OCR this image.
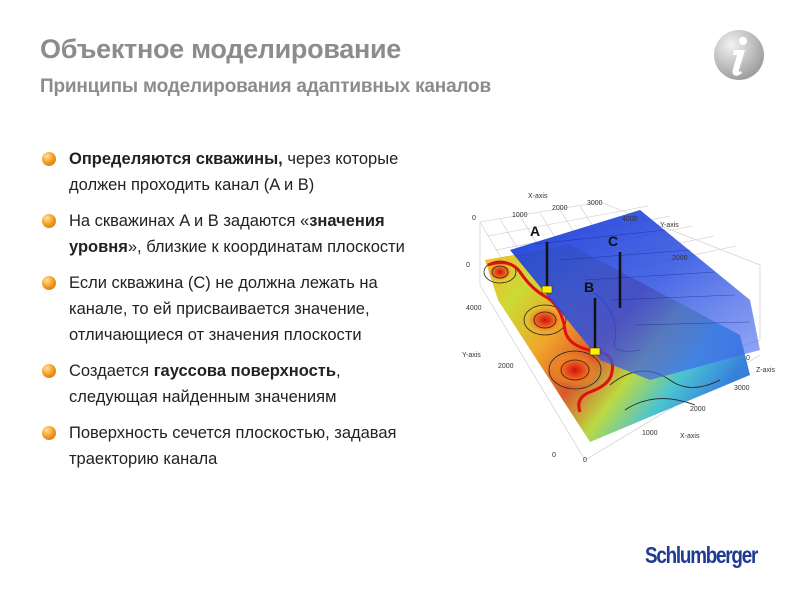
Объектное моделирование
Принципы моделирования адаптивных каналов
Определяются скважины, через которые должен проходить канал (A и B)
На скважинах A и B задаются «значения уровня», близкие к координатам плоскости
Если скважина (C) не должна лежать на канале, то ей присваивается значение, отличающиеся от значения плоскости
Создается гауссова поверхность, следующая найденным значениям
Поверхность сечется плоскостью, задавая траекторию канала
A
B
C
X-axis
0	1000
2000
3000
4000
Y-axis
2000
0
4000
Y-axis
2000
0
Z-axis
3000
2000
1000	X-axis
0
0
Schlumberger
